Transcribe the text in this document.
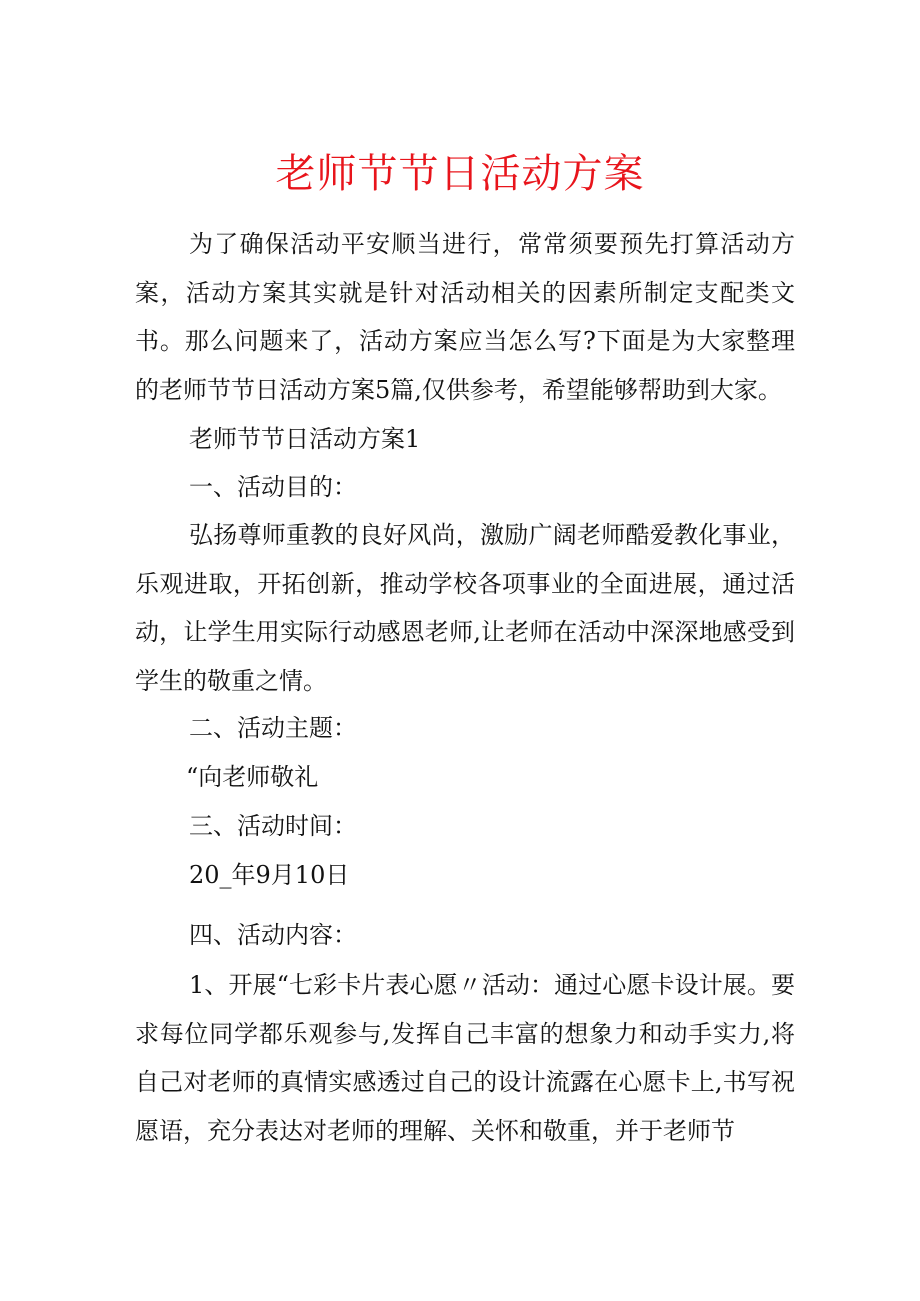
老师节节日活动方案
为了确保活动平安顺当进行，常常须要预先打算活动方案，活动方案其实就是针对活动相关的因素所制定支配类文书。那么问题来了，活动方案应当怎么写?下面是为大家整理的老师节节日活动方案5篇,仅供参考，希望能够帮助到大家。
老师节节日活动方案1
一、活动目的：
弘扬尊师重教的良好风尚，激励广阔老师酷爱教化事业，乐观进取，开拓创新，推动学校各项事业的全面进展，通过活动，让学生用实际行动感恩老师,让老师在活动中深深地感受到学生的敬重之情。
二、活动主题：
“向老师敬礼
三、活动时间：
20_年9月10日
四、活动内容：
1、开展“七彩卡片表心愿〃活动：通过心愿卡设计展。要求每位同学都乐观参与,发挥自己丰富的想象力和动手实力,将自己对老师的真情实感透过自己的设计流露在心愿卡上,书写祝愿语，充分表达对老师的理解、关怀和敬重，并于老师节
